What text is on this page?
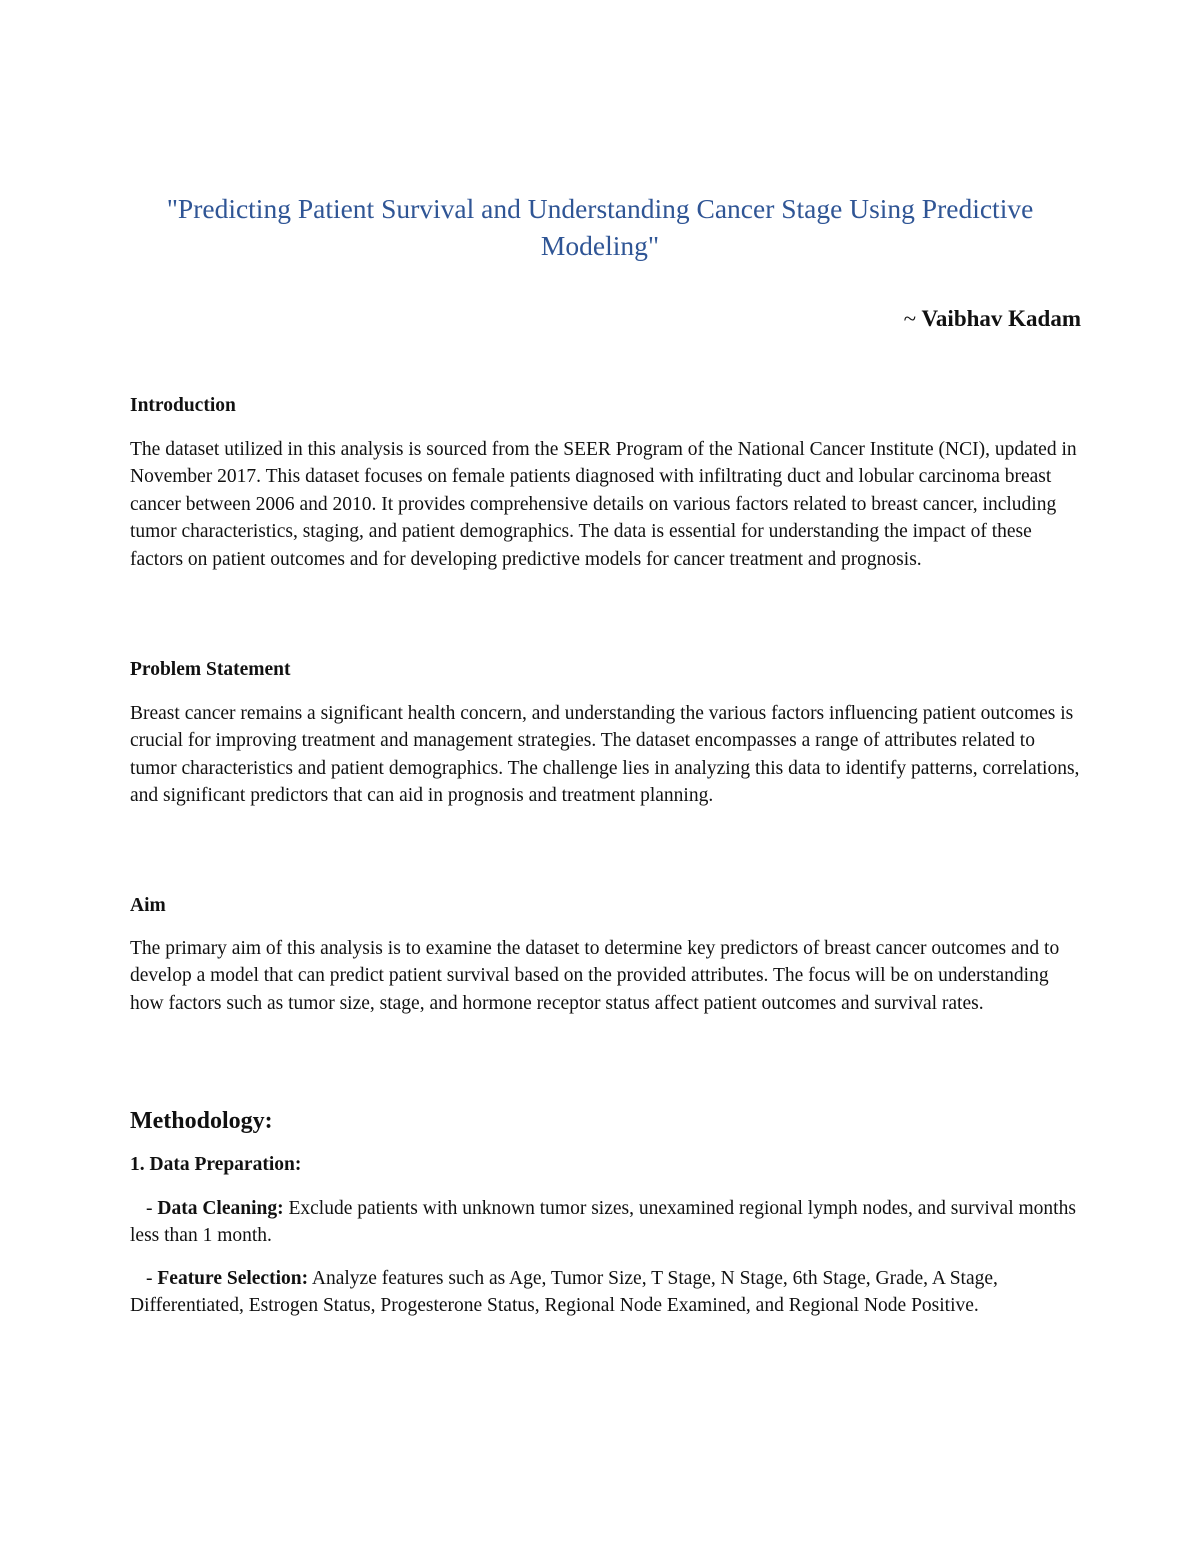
"Predicting Patient Survival and Understanding Cancer Stage Using Predictive Modeling"

~ Vaibhav Kadam

Introduction

The dataset utilized in this analysis is sourced from the SEER Program of the National Cancer Institute (NCI), updated in November 2017. This dataset focuses on female patients diagnosed with infiltrating duct and lobular carcinoma breast cancer between 2006 and 2010. It provides comprehensive details on various factors related to breast cancer, including tumor characteristics, staging, and patient demographics. The data is essential for understanding the impact of these factors on patient outcomes and for developing predictive models for cancer treatment and prognosis.

Problem Statement

Breast cancer remains a significant health concern, and understanding the various factors influencing patient outcomes is crucial for improving treatment and management strategies. The dataset encompasses a range of attributes related to tumor characteristics and patient demographics. The challenge lies in analyzing this data to identify patterns, correlations, and significant predictors that can aid in prognosis and treatment planning.

Aim

The primary aim of this analysis is to examine the dataset to determine key predictors of breast cancer outcomes and to develop a model that can predict patient survival based on the provided attributes. The focus will be on understanding how factors such as tumor size, stage, and hormone receptor status affect patient outcomes and survival rates.

Methodology:
1. Data Preparation:

- Data Cleaning: Exclude patients with unknown tumor sizes, unexamined regional lymph nodes, and survival months less than 1 month.

- Feature Selection: Analyze features such as Age, Tumor Size, T Stage, N Stage, 6th Stage, Grade, A Stage, Differentiated, Estrogen Status, Progesterone Status, Regional Node Examined, and Regional Node Positive.
